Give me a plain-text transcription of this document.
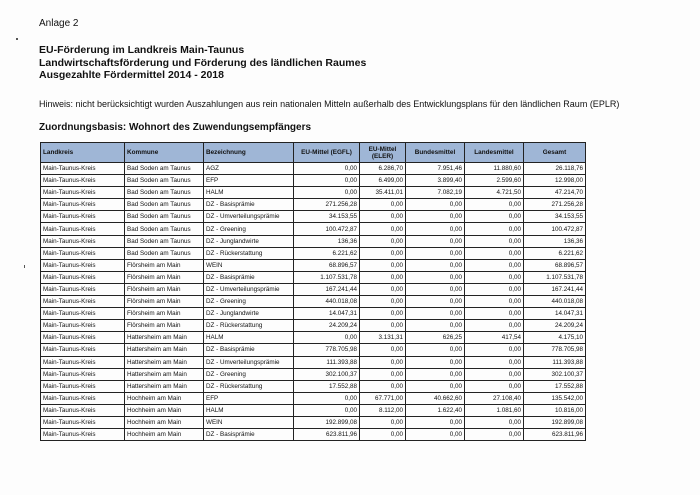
Anlage 2
EU-Förderung im Landkreis Main-Taunus
Landwirtschaftsförderung und Förderung des ländlichen Raumes
Ausgezahlte Fördermittel 2014 - 2018
Hinweis: nicht berücksichtigt wurden Auszahlungen aus rein nationalen Mitteln außerhalb des Entwicklungsplans für den ländlichen Raum (EPLR)
Zuordnungsbasis: Wohnort des Zuwendungsempfängers
Landkreis	Kommune	Bezeichnung	EU-Mittel (EGFL)	EU-Mittel (ELER)	Bundesmittel	Landesmittel	Gesamt
Main-Taunus-Kreis	Bad Soden am Taunus	AGZ	0,00	6.286,70	7.951,46	11.880,60	26.118,76
Main-Taunus-Kreis	Bad Soden am Taunus	EFP	0,00	6.499,00	3.899,40	2.599,60	12.998,00
Main-Taunus-Kreis	Bad Soden am Taunus	HALM	0,00	35.411,01	7.082,19	4.721,50	47.214,70
Main-Taunus-Kreis	Bad Soden am Taunus	DZ - Basisprämie	271.256,28	0,00	0,00	0,00	271.256,28
Main-Taunus-Kreis	Bad Soden am Taunus	DZ - Umverteilungsprämie	34.153,55	0,00	0,00	0,00	34.153,55
Main-Taunus-Kreis	Bad Soden am Taunus	DZ - Greening	100.472,87	0,00	0,00	0,00	100.472,87
Main-Taunus-Kreis	Bad Soden am Taunus	DZ - Junglandwirte	136,36	0,00	0,00	0,00	136,36
Main-Taunus-Kreis	Bad Soden am Taunus	DZ - Rückerstattung	6.221,62	0,00	0,00	0,00	6.221,62
Main-Taunus-Kreis	Flörsheim am Main	WEIN	68.896,57	0,00	0,00	0,00	68.896,57
Main-Taunus-Kreis	Flörsheim am Main	DZ - Basisprämie	1.107.531,78	0,00	0,00	0,00	1.107.531,78
Main-Taunus-Kreis	Flörsheim am Main	DZ - Umverteilungsprämie	167.241,44	0,00	0,00	0,00	167.241,44
Main-Taunus-Kreis	Flörsheim am Main	DZ - Greening	440.018,08	0,00	0,00	0,00	440.018,08
Main-Taunus-Kreis	Flörsheim am Main	DZ - Junglandwirte	14.047,31	0,00	0,00	0,00	14.047,31
Main-Taunus-Kreis	Flörsheim am Main	DZ - Rückerstattung	24.209,24	0,00	0,00	0,00	24.209,24
Main-Taunus-Kreis	Hattersheim am Main	HALM	0,00	3.131,31	626,25	417,54	4.175,10
Main-Taunus-Kreis	Hattersheim am Main	DZ - Basisprämie	778.705,98	0,00	0,00	0,00	778.705,98
Main-Taunus-Kreis	Hattersheim am Main	DZ - Umverteilungsprämie	111.393,88	0,00	0,00	0,00	111.393,88
Main-Taunus-Kreis	Hattersheim am Main	DZ - Greening	302.100,37	0,00	0,00	0,00	302.100,37
Main-Taunus-Kreis	Hattersheim am Main	DZ - Rückerstattung	17.552,88	0,00	0,00	0,00	17.552,88
Main-Taunus-Kreis	Hochheim am Main	EFP	0,00	67.771,00	40.662,60	27.108,40	135.542,00
Main-Taunus-Kreis	Hochheim am Main	HALM	0,00	8.112,00	1.622,40	1.081,60	10.816,00
Main-Taunus-Kreis	Hochheim am Main	WEIN	192.899,08	0,00	0,00	0,00	192.899,08
Main-Taunus-Kreis	Hochheim am Main	DZ - Basisprämie	623.811,96	0,00	0,00	0,00	623.811,96
